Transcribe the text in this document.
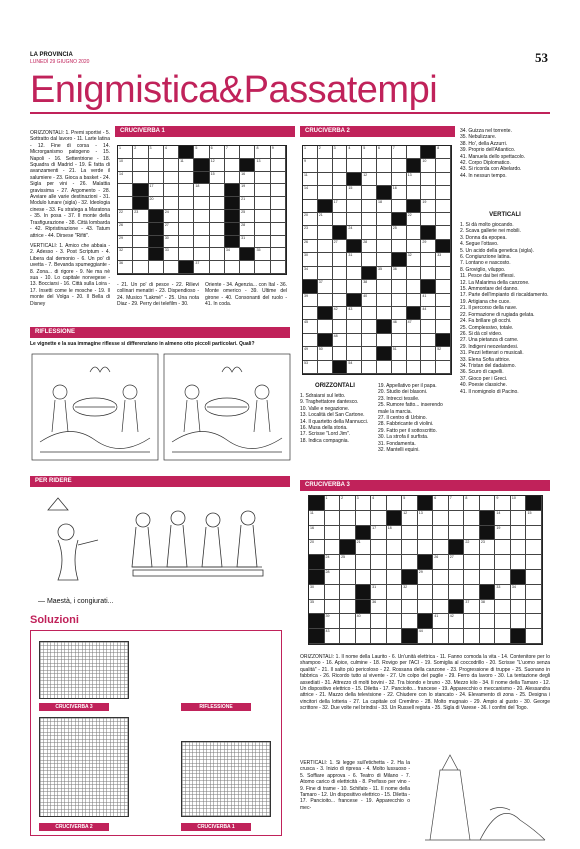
LA PROVINCIA
LUNEDÌ 29 GIUGNO 2020	53
Enigmistica&Passatempi

ORIZZONTALI: 1. Premi sportivi - 5. Sottratto dal lavoro - 11. Larte latina - 12. Fine di corsa - 14. Microrganismo patogeno - 15. Napoli - 16. Settentrione - 18. Squadra di Madrid - 19. È fatta di avanzamenti - 21. La verde il salumiere - 23. Gioca a basket - 24. Sigla per vini - 26. Malattia gravissima - 27. Argomento - 28. Avviare alle varie destinazioni - 31. Modulo lunare (sigla) - 32. Ideologia cinese - 33. Fu stratega a Maratona - 35. In posa - 37. Il monte della Trasfigurazione - 38. Città lombarda - 42. Ripristinazione - 43. Tatum attrice - 44. Dirsese "Rifiti".

VERTICALI: 1. Amico che abbaia - 2. Adesso - 3. Post Scriptum - 4. Libera dal demonio - 6. Un po' di uvetta - 7. Bevanda spumeggiante - 8. Zona... di rigore - 9. Ne ma nè sua - 10. Lo capitale norvegese - 13. Bocciarsi - 16. Città sulla Loira - 17. Insetti come le mosche - 19. Il monte del Volga - 20. Il Bella di Disney

CRUCIVERBA 1
1	2	3	4	5	6	7	8	9
10	11	12	13
14	15	16
17	18	19
20	21
22	23	24	25
26	27	28
29	30	31
32	33	34	35
36	37
- 21. Un po' di pesce - 22. Rilievi collinari menatiri - 23. Dispendioso - 24. Musico "Lakmé" - 25. Una nota Diaz - 29. Perry dei telefilm - 30.
Oriente - 34. Agenzia... con Ital - 36. Monte omerico - 39. Ultime del girone - 40. Consonanti del ruolo - 41. In coda.
RIFLESSIONE
Le vignette e la sua immagine riflesse si differenziano in almeno otto piccoli particolari. Quali?
PER RIDERE
— Maestà, i congiurati...
Soluzioni
CRUCIVERBA 3	RIFLESSIONE
CRUCIVERBA 2	CRUCIVERBA 1
CRUCIVERBA 2
1	2	3	4	5	6	7	8
9	10
11	12	13
14	15	16
17	18	19
20	21	22
23	24	25
26	27	28	29
30	31	32	33
34	35	36
37	38
39	40	41
42	43	44
45	46	47
48
49	50	51	52
53	54
ORIZZONTALI
1. Sdraiarsi sul letto.
9. Traghettatore dantesco.
10. Valle e negazione.
13. Località del San Cartone.
14. Il quartetto della Mannucci.
16. Musa della storia.
17. Scrisse "Lord Jim".
18. Indica compagnia.
19. Appellativo per il papa.
20. Studio dei blasoni.
23. Intrecci tessile.
25. Rumore fatto... inserendo male la marcia.
27. Il centro di Urbino.
28. Fabbricante di violini.
29. Fatto per il sottoscritto.
30. La strofa il surfista.
31. Fondamenta.
32. Mantelli equini.
34. Guizza nel torrente.
35. Nebulizzare.
38. Ho', della Azzurri.
39. Proprio dell'Atlantico.
41. Manuela dello spettacolo.
42. Corpo Diplomatico.
43. Si ricorda con Abelardo.
44. In nessun tempo.
VERTICALI
1. Si dà molto giocando.
2. Scava gallerie nei mobili.
3. Donna da epopea.
4. Segue l'ottavo.
5. Un acido della genetica (sigla).
6. Congiunzione latina.
7. Lontano e nascosto.
8. Groviglio, viluppo.
11. Pesce dai bei riflessi.
12. La Malarima della canzone.
15. Ammontare del danno.
17. Parte dell'impianto di riscaldamento.
19. Artigiana che cuce.
21. Il percorso della nave.
22. Formazione di rugiada gelata.
24. Fa brillare gli occhi.
25. Complessivo, totale.
26. Si dà col video.
27. Una pietanza di carne.
29. Indigeni neozelandesi.
31. Pezzi letterari o musicali.
33. Elena Sofia attrice.
34. Tristan del dadaismo.
36. Scuro di capelli.
37. Gioco per i Greci.
40. Poesie classiche.
41. Il nomignolo di Pacino.
CRUCIVERBA 3
1	2	3	4	5	6	7	8	9	10
11	12	13	14	15
16	17	18	19
20	21	22	23
24	25	26	27
28	29
30	31	32	33	34
35	36	37	38
39	40	41	42
43	44
ORIZZONTALI: 1. Il nome della Laurito - 6. Un'unità elettrica - 11. Fanno comoda la vita - 14. Contenitore per lo shampoo - 16. Apice, culmine - 18. Rovigo per l'ACI - 19. Somiglia al coccodrillo - 20. Scrisse "L'uomo senza qualità" - 21. Il salto più pericoloso - 22. Rossana della canzone - 23. Progressione di truppe - 25. Suonano in fabbrica - 26. Ricordo tutto al vivente - 27. Un colpo del pugile - 29. Ferro da lavoro - 30. La tentazione degli assediati - 31. Attrezzo di molti bovini - 32. Tra biondo e bruno - 33. Mezzo kilo - 34. Il nome della Tamaro - 12. Un dispositivo elettrico - 15. Diletta - 17. Pancioito... francese - 19. Apparecchio o meccanismo - 20. Alessandra attrice - 21. Mazzo della televisione - 22. Chiudere con lo stancato - 24. Elevamento di zona - 25. Designa i vincitori della lotteria - 27. La capitale col Cremlino - 28. Molto mugnaio - 29. Ampio al gusto - 30. George scrittore - 32. Due volte nel brindisi - 33. Un Russell regista - 35. Sigla di Varese - 36. I confini del Togo.
VERTICALI: 1. Si legge sull'etichetta - 2. Ha la crusca - 3. Inizio di ripresa - 4. Molto lussuoso - 5. Soffiare approva - 6. Teatro di Milano - 7. Atomo carico di elettricità - 8. Prefisso per vino - 9. Fine di trame - 10. Schifato - 11. Il nome della Tamaro - 12. Un dispositivo elettrico - 15. Diletta - 17. Pancioito... francese - 19. Apparecchio o mec-
